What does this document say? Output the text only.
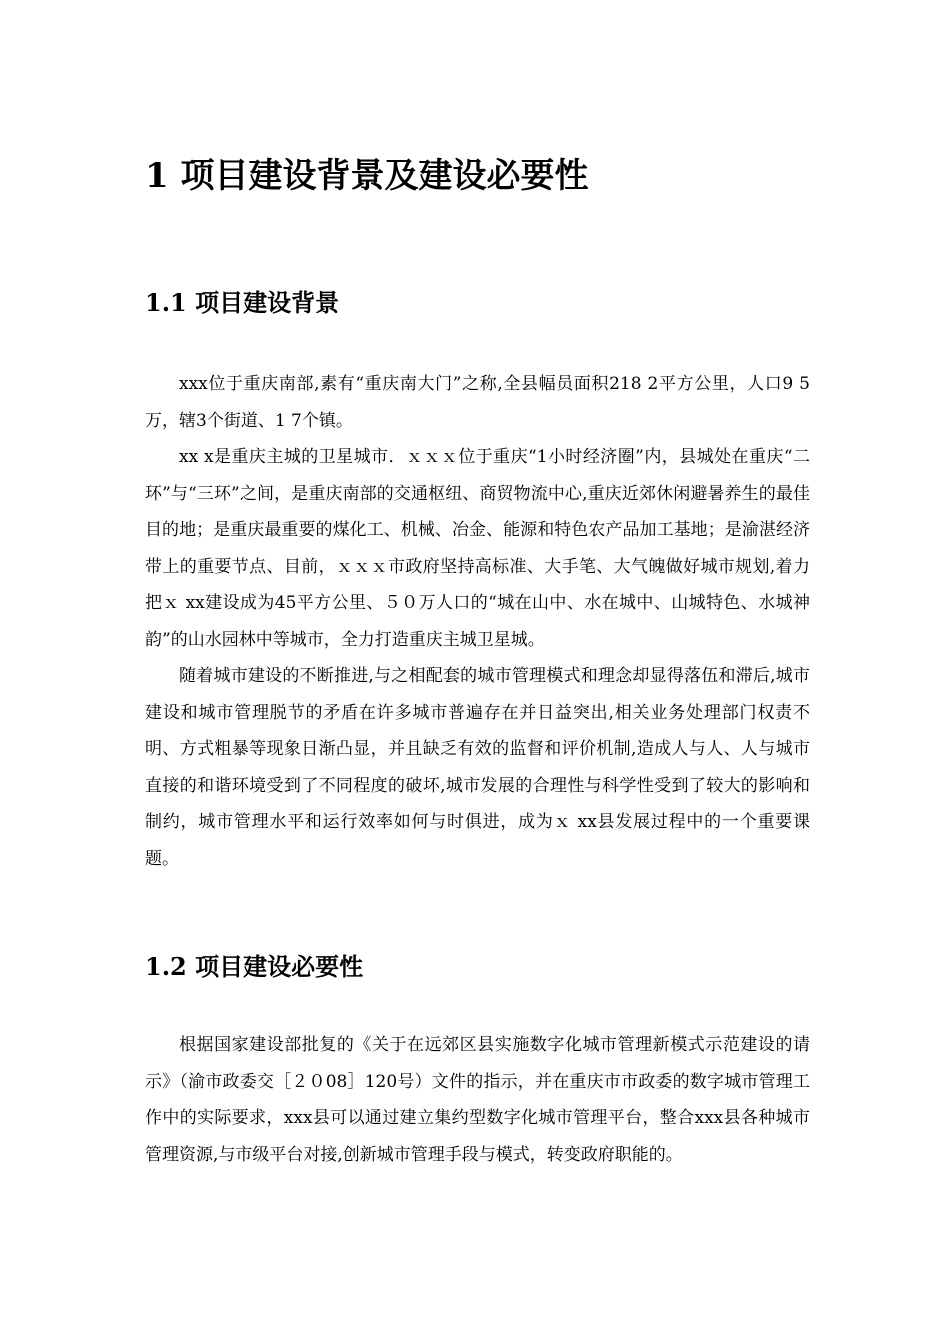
1 项目建设背景及建设必要性
1.1 项目建设背景

xxx位于重庆南部,素有“重庆南大门”之称,全县幅员面积218 2平方公里，人口9 5万，辖3个街道、1 7个镇。

xx x是重庆主城的卫星城市．ｘｘｘ位于重庆“1小时经济圈”内，县城处在重庆“二环”与“三环”之间，是重庆南部的交通枢纽、商贸物流中心,重庆近郊休闲避暑养生的最佳目的地；是重庆最重要的煤化工、机械、冶金、能源和特色农产品加工基地；是渝湛经济带上的重要节点、目前，ｘｘｘ市政府坚持高标准、大手笔、大气魄做好城市规划,着力把ｘ xx建设成为45平方公里、５０万人口的“城在山中、水在城中、山城特色、水城神韵”的山水园林中等城市，全力打造重庆主城卫星城。

随着城市建设的不断推进,与之相配套的城市管理模式和理念却显得落伍和滞后,城市建设和城市管理脱节的矛盾在许多城市普遍存在并日益突出,相关业务处理部门权责不明、方式粗暴等现象日渐凸显，并且缺乏有效的监督和评价机制,造成人与人、人与城市直接的和谐环境受到了不同程度的破坏,城市发展的合理性与科学性受到了较大的影响和制约，城市管理水平和运行效率如何与时俱进，成为ｘ xx县发展过程中的一个重要课题。

1.2 项目建设必要性

根据国家建设部批复的《关于在远郊区县实施数字化城市管理新模式示范建设的请示》（渝市政委交［２０08］120号）文件的指示，并在重庆市市政委的数字城市管理工作中的实际要求，xxx县可以通过建立集约型数字化城市管理平台，整合xxx县各种城市管理资源,与市级平台对接,创新城市管理手段与模式，转变政府职能的。
